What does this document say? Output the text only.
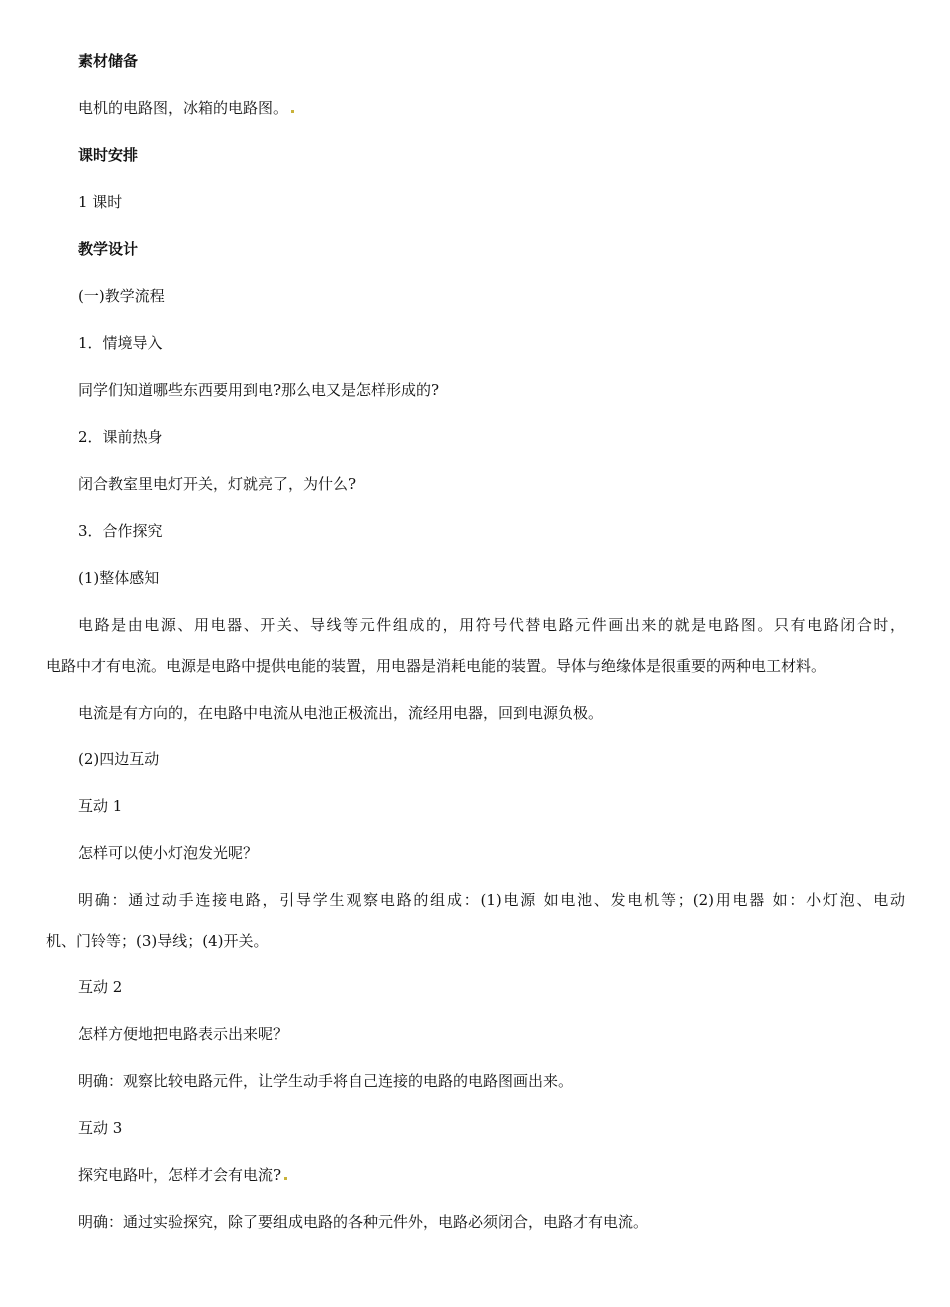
素材储备
电机的电路图，冰箱的电路图。
课时安排
1 课时
教学设计
(一)教学流程
1．情境导入
同学们知道哪些东西要用到电?那么电又是怎样形成的?
2．课前热身
闭合教室里电灯开关，灯就亮了，为什么?
3．合作探究
(1)整体感知
电路是由电源、用电器、开关、导线等元件组成的，用符号代替电路元件画出来的就是电路图。只有电路闭合时，
电路中才有电流。电源是电路中提供电能的装置，用电器是消耗电能的装置。导体与绝缘体是很重要的两种电工材料。
电流是有方向的，在电路中电流从电池正极流出，流经用电器，回到电源负极。
(2)四边互动
互动 1
怎样可以使小灯泡发光呢？
明确：通过动手连接电路，引导学生观察电路的组成：(1)电源 如电池、发电机等；(2)用电器 如：小灯泡、电动
机、门铃等；(3)导线；(4)开关。
互动 2
怎样方便地把电路表示出来呢？
明确：观察比较电路元件，让学生动手将自己连接的电路的电路图画出来。
互动 3
探究电路叶，怎样才会有电流?
明确：通过实验探究，除了要组成电路的各种元件外，电路必须闭合，电路才有电流。
